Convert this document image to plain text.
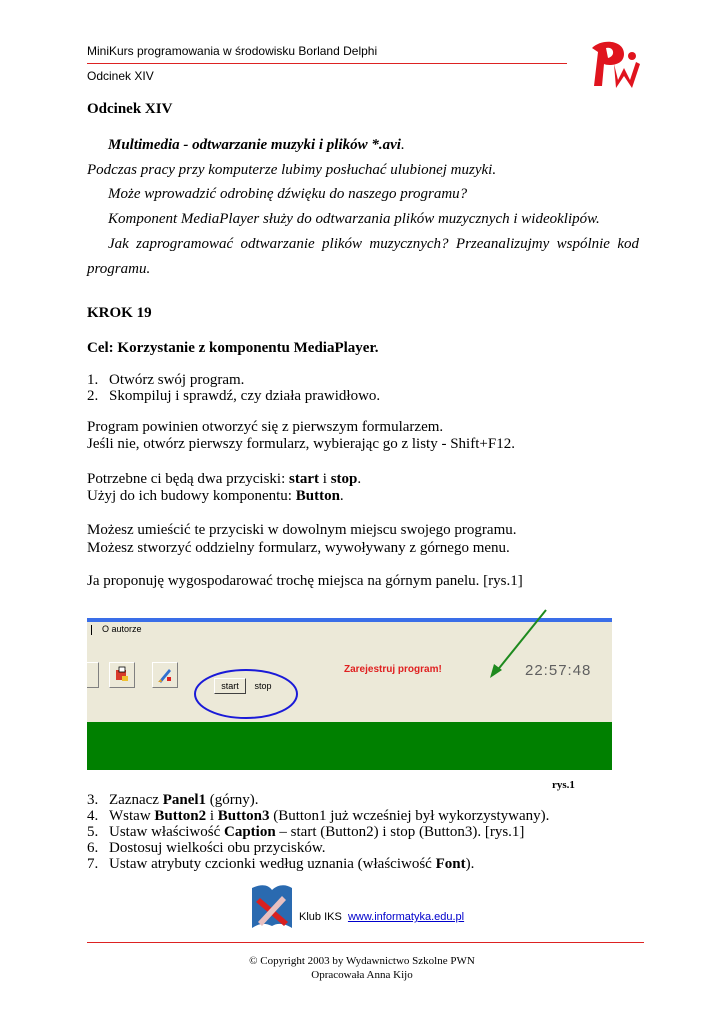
MiniKurs programowania w środowisku Borland Delphi
Odcinek XIV
Odcinek XIV
Multimedia - odtwarzanie muzyki i plików *.avi.
Podczas pracy przy komputerze lubimy posłuchać ulubionej muzyki.
Może wprowadzić odrobinę dźwięku do naszego programu?
Komponent MediaPlayer służy do odtwarzania plików muzycznych i wideoklipów.
Jak zaprogramować odtwarzanie plików muzycznych? Przeanalizujmy wspólnie kod
programu.
KROK 19
Cel: Korzystanie z komponentu MediaPlayer.
1. Otwórz swój program.
2. Skompiluj i sprawdź, czy działa prawidłowo.
Program powinien otworzyć się z pierwszym formularzem.
Jeśli nie, otwórz pierwszy formularz, wybierając go z listy - Shift+F12.
Potrzebne ci będą dwa przyciski: start i stop.
Użyj do ich budowy komponentu: Button.
Możesz umieścić te przyciski w dowolnym miejscu swojego programu.
Możesz stworzyć oddzielny formularz, wywoływany z górnego menu.
Ja proponuję wygospodarować trochę miejsca na górnym panelu. [rys.1]
O autorze
start	stop
Zarejestruj program!	22:57:48
rys.1
3. Zaznacz Panel1 (górny).
4. Wstaw Button2 i Button3 (Button1 już wcześniej był wykorzystywany).
5. Ustaw właściwość Caption – start (Button2) i stop (Button3). [rys.1]
6. Dostosuj wielkości obu przycisków.
7. Ustaw atrybuty czcionki według uznania (właściwość Font).
Klub IKS www.informatyka.edu.pl
© Copyright 2003 by Wydawnictwo Szkolne PWN
Opracowała Anna Kijo
